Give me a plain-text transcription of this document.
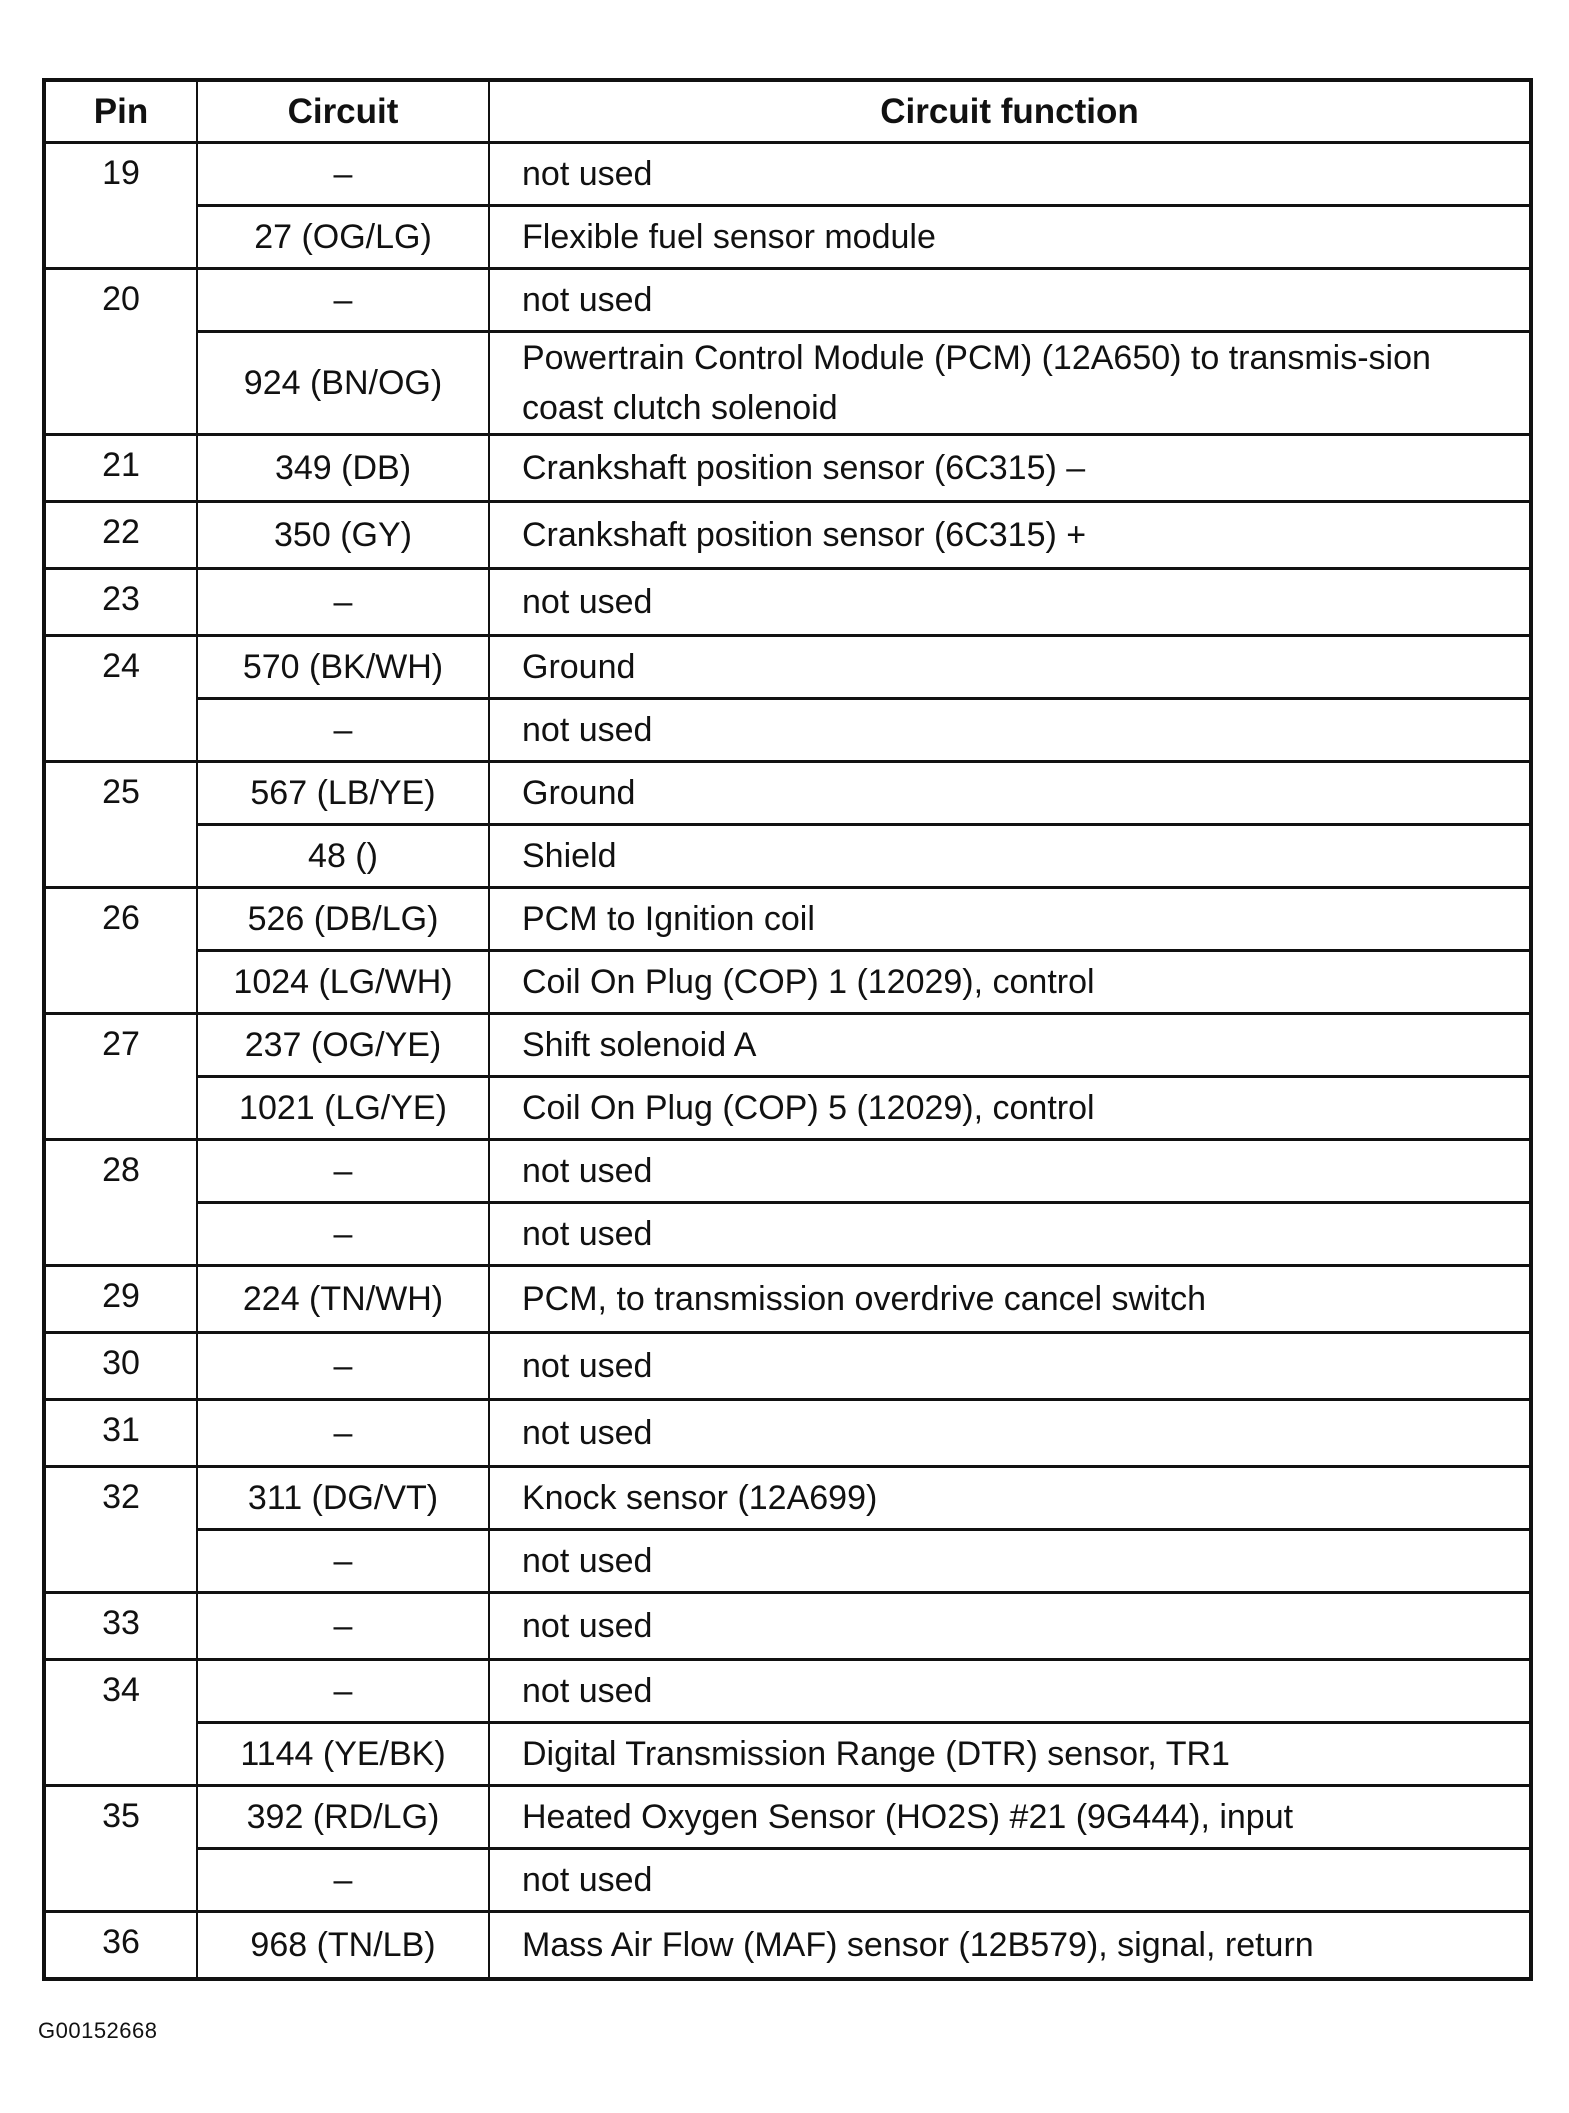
Pin	Circuit	Circuit function
19	–	not used
	27 (OG/LG)	Flexible fuel sensor module
20	–	not used
	924 (BN/OG)	Powertrain Control Module (PCM) (12A650) to transmis-sion coast clutch solenoid
21	349 (DB)	Crankshaft position sensor (6C315) –
22	350 (GY)	Crankshaft position sensor (6C315) +
23	–	not used
24	570 (BK/WH)	Ground
	–	not used
25	567 (LB/YE)	Ground
	48 ()	Shield
26	526 (DB/LG)	PCM to Ignition coil
	1024 (LG/WH)	Coil On Plug (COP) 1 (12029), control
27	237 (OG/YE)	Shift solenoid A
	1021 (LG/YE)	Coil On Plug (COP) 5 (12029), control
28	–	not used
	–	not used
29	224 (TN/WH)	PCM, to transmission overdrive cancel switch
30	–	not used
31	–	not used
32	311 (DG/VT)	Knock sensor (12A699)
	–	not used
33	–	not used
34	–	not used
	1144 (YE/BK)	Digital Transmission Range (DTR) sensor, TR1
35	392 (RD/LG)	Heated Oxygen Sensor (HO2S) #21 (9G444), input
	–	not used
36	968 (TN/LB)	Mass Air Flow (MAF) sensor (12B579), signal, return
G00152668
